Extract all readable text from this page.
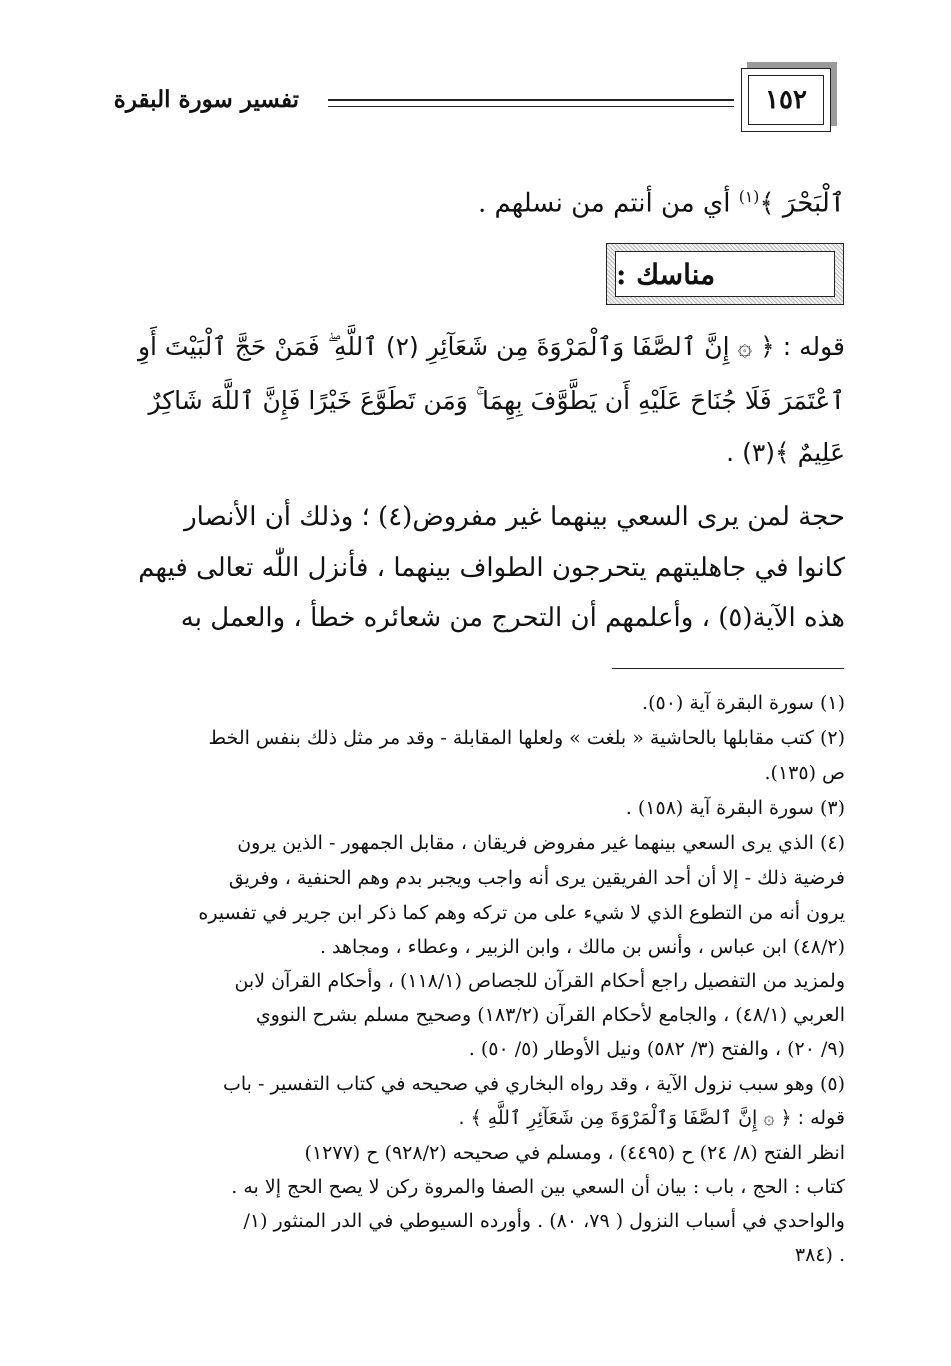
١٥٢
تفسير سورة البقرة
ٱلْبَحْرَ ﴾$^{(١)}$ أي من أنتم من نسلهم .
مناسك :
قوله : ﴿ ۞ إِنَّ ٱلصَّفَا وَٱلْمَرْوَةَ مِن شَعَآئِرِ (٢) ٱللَّهِ ۖ فَمَنْ حَجَّ ٱلْبَيْتَ أَوِ
ٱعْتَمَرَ فَلَا جُنَاحَ عَلَيْهِ أَن يَطَّوَّفَ بِهِمَا ۚ وَمَن تَطَوَّعَ خَيْرًا فَإِنَّ ٱللَّهَ شَاكِرٌ
عَلِيمٌ ﴾(٣) .
حجة لمن يرى السعي بينهما غير مفروض(٤) ؛ وذلك أن الأنصار
كانوا في جاهليتهم يتحرجون الطواف بينهما ، فأنزل اللّٰه تعالى فيهم
هذه الآية(٥) ، وأعلمهم أن التحرج من شعائره خطأ ، والعمل به
(١) سورة البقرة آية (٥٠).
(٢) كتب مقابلها بالحاشية « بلغت » ولعلها المقابلة - وقد مر مثل ذلك بنفس الخط
ص (١٣٥).
(٣) سورة البقرة آية (١٥٨) .
(٤) الذي يرى السعي بينهما غير مفروض فريقان ، مقابل الجمهور - الذين يرون
فرضية ذلك - إلا أن أحد الفريقين يرى أنه واجب ويجبر بدم وهم الحنفية ، وفريق
يرون أنه من التطوع الذي لا شيء على من تركه وهم كما ذكر ابن جرير في تفسيره
(٤٨/٢) ابن عباس ، وأنس بن مالك ، وابن الزبير ، وعطاء ، ومجاهد .
ولمزيد من التفصيل راجع أحكام القرآن للجصاص (١١٨/١) ، وأحكام القرآن لابن
العربي (٤٨/١) ، والجامع لأحكام القرآن (١٨٣/٢) وصحيح مسلم بشرح النووي
(٩/ ٢٠) ، والفتح (٣/ ٥٨٢) ونيل الأوطار (٥/ ٥٠) .
(٥) وهو سبب نزول الآية ، وقد رواه البخاري في صحيحه في كتاب التفسير - باب
قوله : ﴿ ۞ إِنَّ ٱلصَّفَا وَٱلْمَرْوَةَ مِن شَعَآئِرِ ٱللَّهِ ﴾ .
انظر الفتح (٨/ ٢٤) ح (٤٤٩٥) ، ومسلم في صحيحه (٩٢٨/٢) ح (١٢٧٧)
كتاب : الحج ، باب : بيان أن السعي بين الصفا والمروة ركن لا يصح الحج إلا به .
والواحدي في أسباب النزول ( ٧٩، ٨٠) . وأورده السيوطي في الدر المنثور (١/
٣٨٤) .
